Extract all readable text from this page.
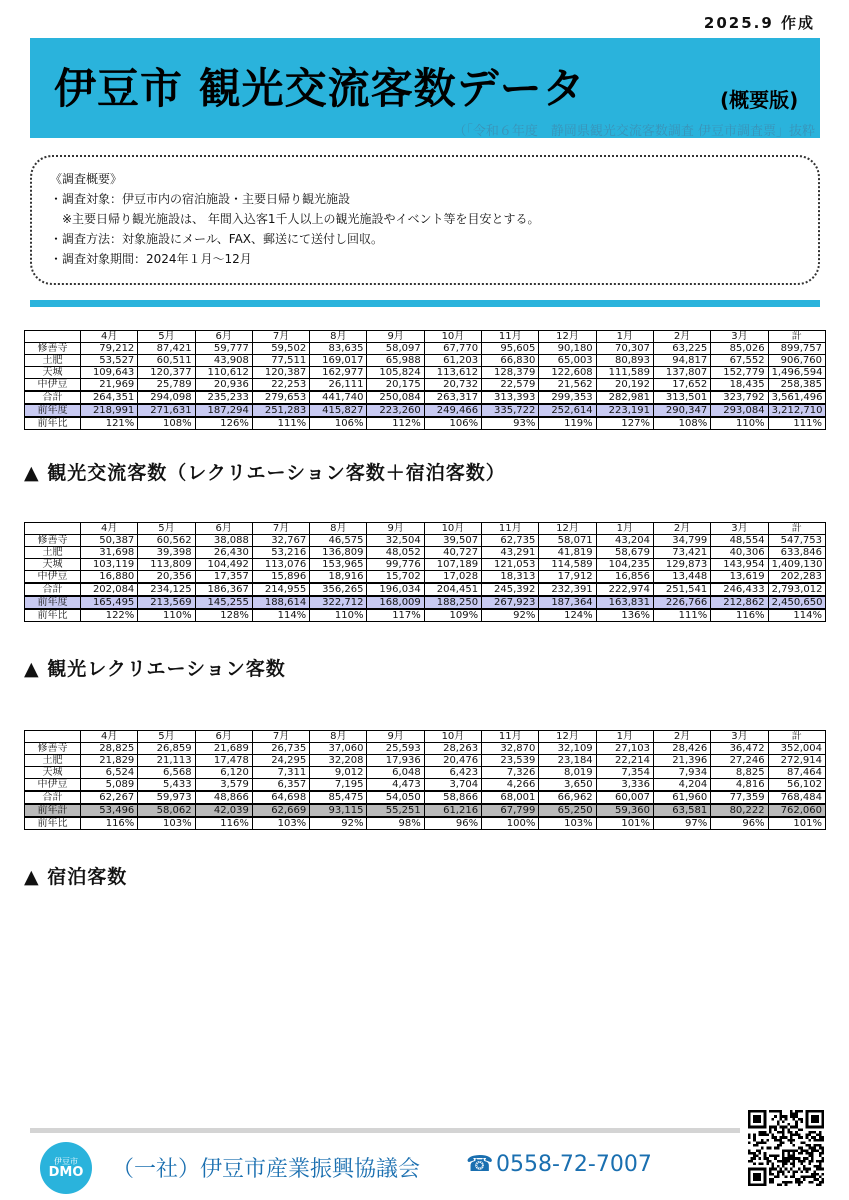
2025.9 作成
伊豆市 観光交流客数データ	(概要版)
（「令和６年度　静岡県観光交流客数調査 伊豆市調査票」抜粋
《調査概要》
・調査対象：伊豆市内の宿泊施設・主要日帰り観光施設
　※主要日帰り観光施設は、 年間入込客1千人以上の観光施設やイベント等を目安とする。
・調査方法：対象施設にメール、FAX、郵送にて送付し回収。
・調査対象期間：2024年１月～12月
	4月	5月	6月	7月	8月	9月	10月	11月	12月	1月	2月	3月	計
修善寺	79,212	87,421	59,777	59,502	83,635	58,097	67,770	95,605	90,180	70,307	63,225	85,026	899,757
土肥	53,527	60,511	43,908	77,511	169,017	65,988	61,203	66,830	65,003	80,893	94,817	67,552	906,760
天城	109,643	120,377	110,612	120,387	162,977	105,824	113,612	128,379	122,608	111,589	137,807	152,779	1,496,594
中伊豆	21,969	25,789	20,936	22,253	26,111	20,175	20,732	22,579	21,562	20,192	17,652	18,435	258,385
合計	264,351	294,098	235,233	279,653	441,740	250,084	263,317	313,393	299,353	282,981	313,501	323,792	3,561,496
前年度	218,991	271,631	187,294	251,283	415,827	223,260	249,466	335,722	252,614	223,191	290,347	293,084	3,212,710
前年比	121%	108%	126%	111%	106%	112%	106%	93%	119%	127%	108%	110%	111%
▲ 観光交流客数（レクリエーション客数＋宿泊客数）
	4月	5月	6月	7月	8月	9月	10月	11月	12月	1月	2月	3月	計
修善寺	50,387	60,562	38,088	32,767	46,575	32,504	39,507	62,735	58,071	43,204	34,799	48,554	547,753
土肥	31,698	39,398	26,430	53,216	136,809	48,052	40,727	43,291	41,819	58,679	73,421	40,306	633,846
天城	103,119	113,809	104,492	113,076	153,965	99,776	107,189	121,053	114,589	104,235	129,873	143,954	1,409,130
中伊豆	16,880	20,356	17,357	15,896	18,916	15,702	17,028	18,313	17,912	16,856	13,448	13,619	202,283
合計	202,084	234,125	186,367	214,955	356,265	196,034	204,451	245,392	232,391	222,974	251,541	246,433	2,793,012
前年度	165,495	213,569	145,255	188,614	322,712	168,009	188,250	267,923	187,364	163,831	226,766	212,862	2,450,650
前年比	122%	110%	128%	114%	110%	117%	109%	92%	124%	136%	111%	116%	114%
▲ 観光レクリエーション客数
	4月	5月	6月	7月	8月	9月	10月	11月	12月	1月	2月	3月	計
修善寺	28,825	26,859	21,689	26,735	37,060	25,593	28,263	32,870	32,109	27,103	28,426	36,472	352,004
土肥	21,829	21,113	17,478	24,295	32,208	17,936	20,476	23,539	23,184	22,214	21,396	27,246	272,914
天城	6,524	6,568	6,120	7,311	9,012	6,048	6,423	7,326	8,019	7,354	7,934	8,825	87,464
中伊豆	5,089	5,433	3,579	6,357	7,195	4,473	3,704	4,266	3,650	3,336	4,204	4,816	56,102
合計	62,267	59,973	48,866	64,698	85,475	54,050	58,866	68,001	66,962	60,007	61,960	77,359	768,484
前年計	53,496	58,062	42,039	62,669	93,115	55,251	61,216	67,799	65,250	59,360	63,581	80,222	762,060
前年比	116%	103%	116%	103%	92%	98%	96%	100%	103%	101%	97%	96%	101%
▲ 宿泊客数
伊豆市
DMO （一社）伊豆市産業振興協議会 ☎ 0558-72-7007
